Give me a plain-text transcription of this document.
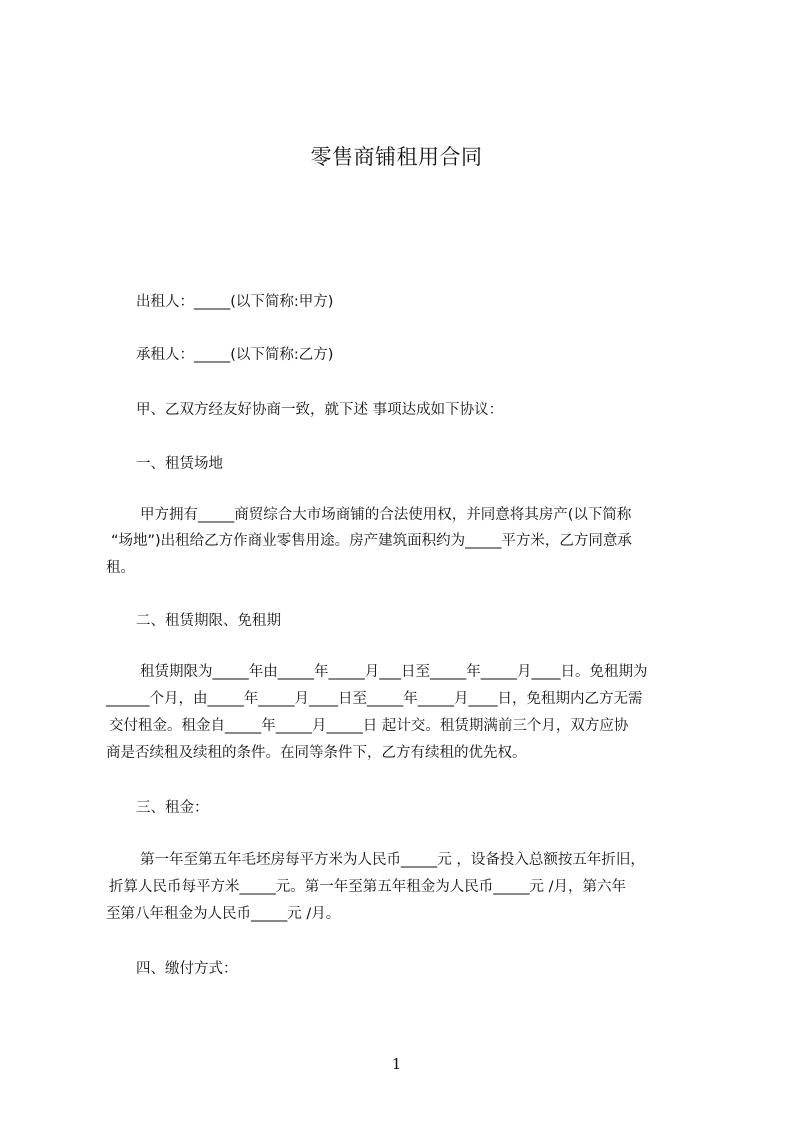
零售商铺租用合同
出租人：_____(以下简称:甲方)
承租人：_____(以下简称:乙方)
甲、乙双方经友好协商一致，就下述 事项达成如下协议：
一、租赁场地
甲方拥有_____商贸综合大市场商铺的合法使用权，并同意将其房产(以下简称
“场地”)出租给乙方作商业零售用途。房产建筑面积约为_____平方米，乙方同意承
租。
二、租赁期限、免租期
租赁期限为_____年由_____年_____月___日至_____年_____月____日。免租期为
______个月，由_____年_____月____日至_____年_____月____日，免租期内乙方无需
交付租金。租金自_____年_____月_____日 起计交。租赁期满前三个月，双方应协
商是否续租及续租的条件。在同等条件下，乙方有续租的优先权。
三、租金：
第一年至第五年毛坯房每平方米为人民币_____元 ，设备投入总额按五年折旧，
折算人民币每平方米_____元。第一年至第五年租金为人民币_____元 /月，第六年
至第八年租金为人民币_____元 /月。
四、缴付方式：
1
